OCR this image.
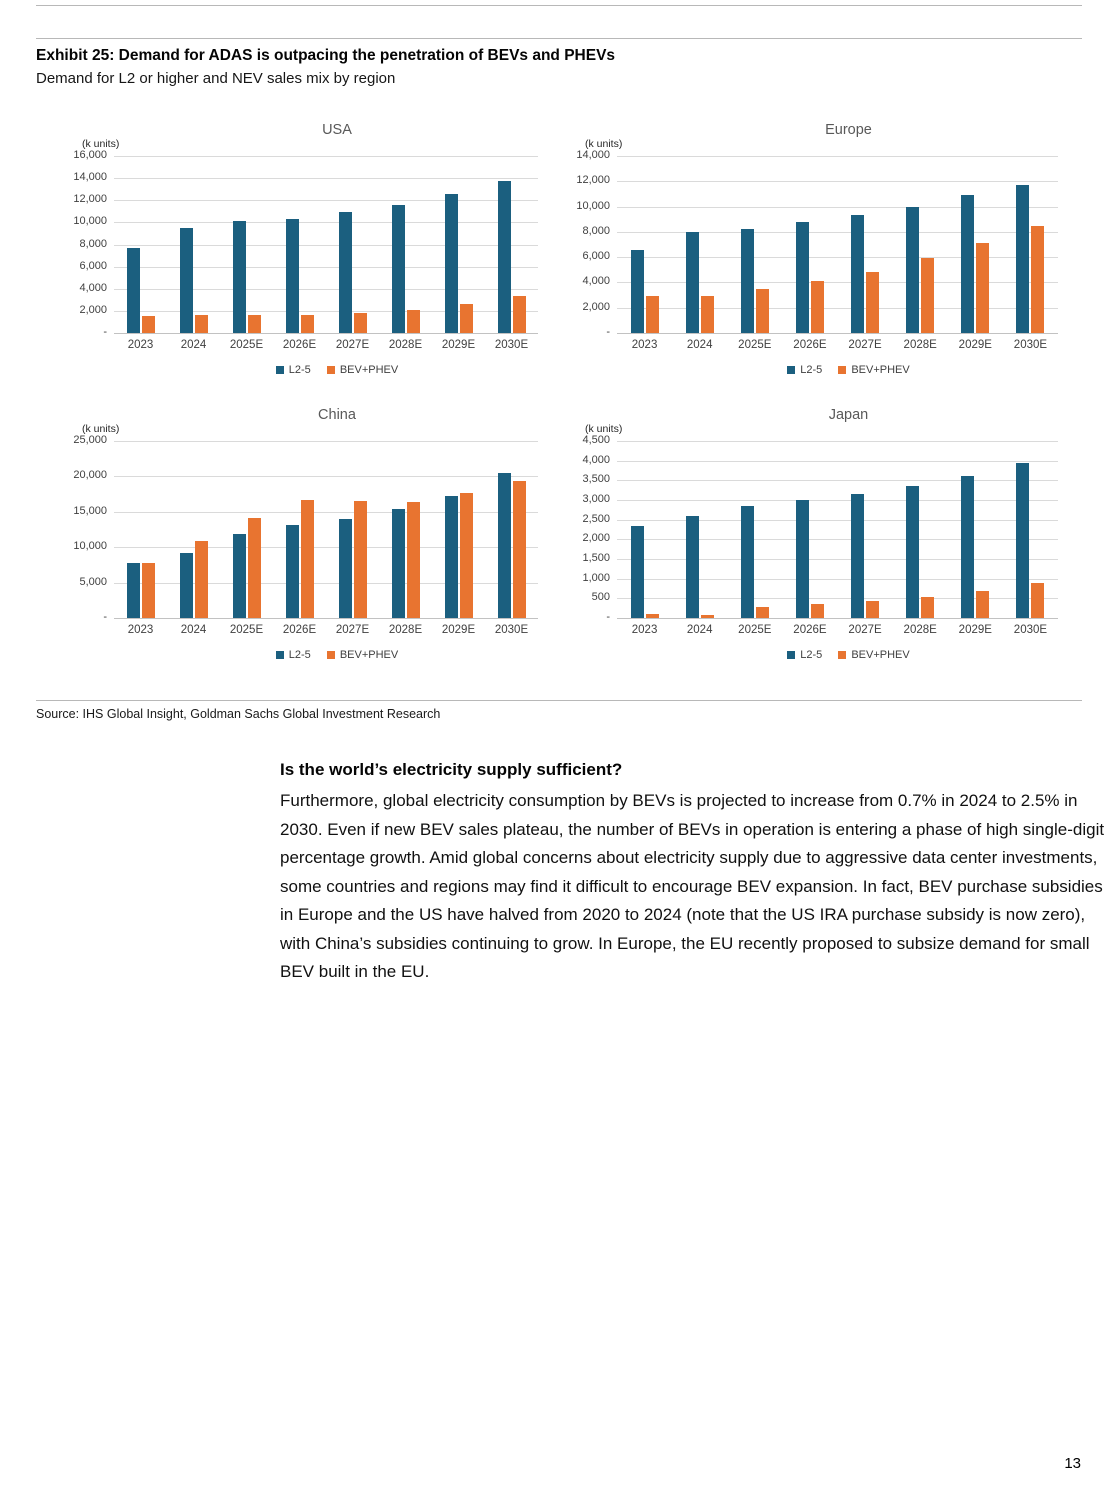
Exhibit 25: Demand for ADAS is outpacing the penetration of BEVs and PHEVs
Demand for L2 or higher and NEV sales mix by region
USA
(k units)
16,000
14,000
12,000
10,000
8,000
6,000
4,000
2,000
-
2023	2024	2025E	2026E	2027E	2028E	2029E	2030E
L2-5	BEV+PHEV
Europe
(k units)
14,000
12,000
10,000
8,000
6,000
4,000
2,000
-
2023	2024	2025E	2026E	2027E	2028E	2029E	2030E
L2-5	BEV+PHEV
China
(k units)
25,000
20,000
15,000
10,000
5,000
-
2023	2024	2025E	2026E	2027E	2028E	2029E	2030E
L2-5	BEV+PHEV
Japan
(k units)
4,500
4,000
3,500
3,000
2,500
2,000
1,500
1,000
500
-
2023	2024	2025E	2026E	2027E	2028E	2029E	2030E
L2-5	BEV+PHEV
Source: IHS Global Insight, Goldman Sachs Global Investment Research

Is the world’s electricity supply sufficient?

Furthermore, global electricity consumption by BEVs is projected to increase from 0.7% in 2024 to 2.5% in 2030. Even if new BEV sales plateau, the number of BEVs in operation is entering a phase of high single-digit percentage growth. Amid global concerns about electricity supply due to aggressive data center investments, some countries and regions may find it difficult to encourage BEV expansion. In fact, BEV purchase subsidies in Europe and the US have halved from 2020 to 2024 (note that the US IRA purchase subsidy is now zero), with China’s subsidies continuing to grow. In Europe, the EU recently proposed to subsize demand for small BEV built in the EU.

13
